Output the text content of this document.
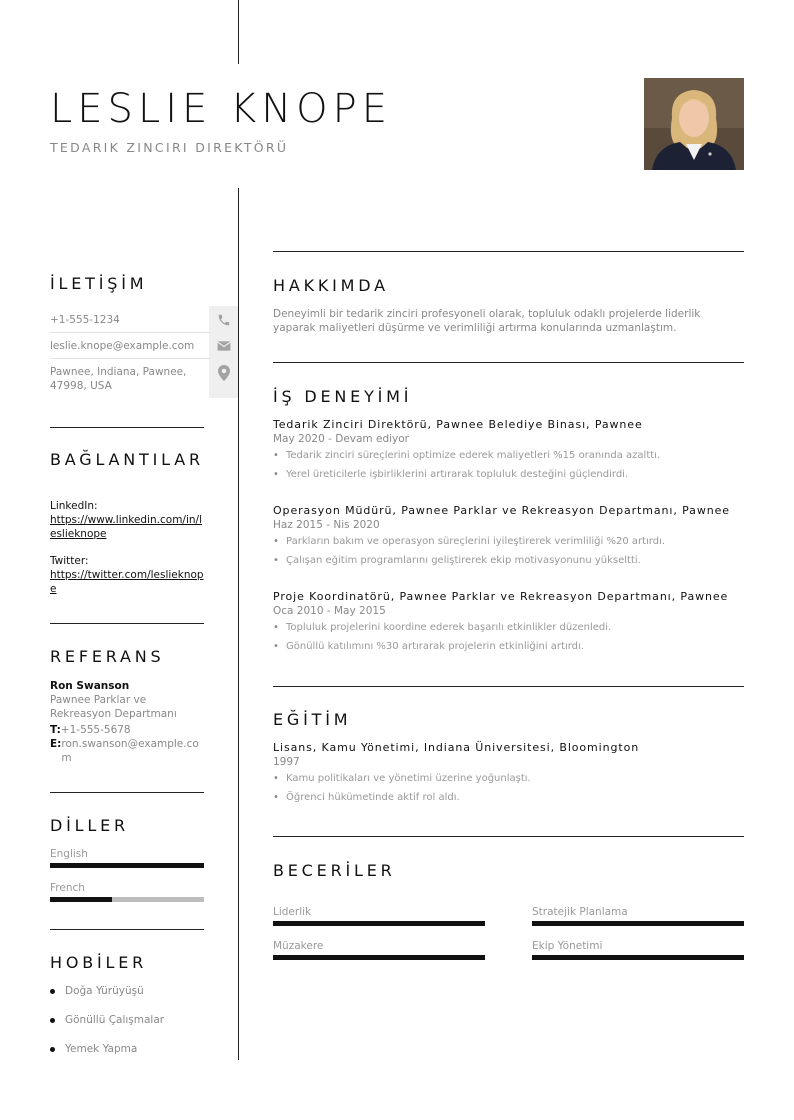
LESLIE KNOPE
TEDARIK ZINCIRI DIREKTÖRÜ
İLETİŞİM
+1-555-1234
leslie.knope@example.com
Pawnee, Indiana, Pawnee, 47998, USA
BAĞLANTILAR
LinkedIn:
https://www.linkedin.com/in/leslieknope
Twitter:
https://twitter.com/leslieknope
REFERANS
Ron Swanson
Pawnee Parklar ve Rekreasyon Departmanı
T: +1-555-5678
E: ron.swanson@example.com
DİLLER
English
French
HOBİLER
Doğa Yürüyüşü
Gönüllü Çalışmalar
Yemek Yapma
HAKKIMDA
Deneyimli bir tedarik zinciri profesyoneli olarak, topluluk odaklı projelerde liderlik yaparak maliyetleri düşürme ve verimliliği artırma konularında uzmanlaştım.
İŞ DENEYİMİ
Tedarik Zinciri Direktörü, Pawnee Belediye Binası, Pawnee
May 2020 - Devam ediyor
• Tedarik zinciri süreçlerini optimize ederek maliyetleri %15 oranında azalttı.
• Yerel üreticilerle işbirliklerini artırarak topluluk desteğini güçlendirdi.
Operasyon Müdürü, Pawnee Parklar ve Rekreasyon Departmanı, Pawnee
Haz 2015 - Nis 2020
• Parkların bakım ve operasyon süreçlerini iyileştirerek verimliliği %20 artırdı.
• Çalışan eğitim programlarını geliştirerek ekip motivasyonunu yükseltti.
Proje Koordinatörü, Pawnee Parklar ve Rekreasyon Departmanı, Pawnee
Oca 2010 - May 2015
• Topluluk projelerini koordine ederek başarılı etkinlikler düzenledi.
• Gönüllü katılımını %30 artırarak projelerin etkinliğini artırdı.
EĞİTİM
Lisans, Kamu Yönetimi, Indiana Üniversitesi, Bloomington
1997
• Kamu politikaları ve yönetimi üzerine yoğunlaştı.
• Öğrenci hükümetinde aktif rol aldı.
BECERİLER
Liderlik	Stratejik Planlama
Müzakere	Ekip Yönetimi
